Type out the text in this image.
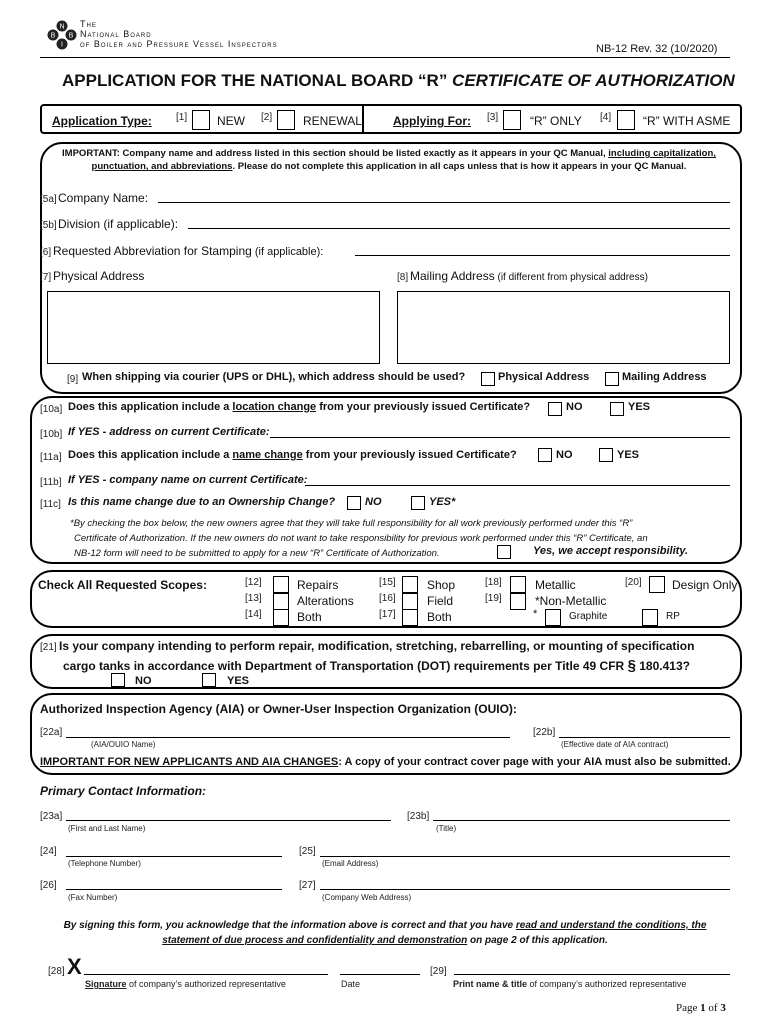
N
B B
I
The
National Board
of Boiler and Pressure Vessel Inspectors	NB-12 Rev. 32 (10/2020)
APPLICATION FOR THE NATIONAL BOARD “R” CERTIFICATE OF AUTHORIZATION
Application Type: [1] NEW [2]	RENEWAL	Applying For: [3]	“R” ONLY [4]	“R” WITH ASME
IMPORTANT: Company name and address listed in this section should be listed exactly as it appears in your QC Manual, including capitalization,
punctuation, and abbreviations. Please do not complete this application in all caps unless that is how it appears in your QC Manual.
[5a] Company Name:
[5b] Division (if applicable):
[6] Requested Abbreviation for Stamping (if applicable):
[7] Physical Address	[8] Mailing Address (if different from physical address)
[9] When shipping via courier (UPS or DHL), which address should be used?	Physical Address	Mailing Address
[10a] Does this application include a location change from your previously issued Certificate?	NO	YES
[10b] If YES - address on current Certificate:
[11a] Does this application include a name change from your previously issued Certificate?	NO	YES
[11b] If YES - company name on current Certificate:
[11c] Is this name change due to an Ownership Change?	NO	YES*
*By checking the box below, the new owners agree that they will take full responsibility for all work previously performed under this “R”
Certificate of Authorization. If the new owners do not want to take responsibility for previous work performed under this “R” Certificate, an
NB-12 form will need to be submitted to apply for a new “R” Certificate of Authorization.	Yes, we accept responsibility.
Check All Requested Scopes:	[12]	Repairs
[13]	Alterations
[14]	Both
[15]	Shop
[16]	Field
[17]	Both
[18]	Metallic
[19]	*Non-Metallic
*	Graphite	RP
[20]	Design Only
[21] Is your company intending to perform repair, modification, stretching, rebarrelling, or mounting of specification
cargo tanks in accordance with Department of Transportation (DOT) requirements per Title 49 CFR § 180.413?
NO	YES
Authorized Inspection Agency (AIA) or Owner-User Inspection Organization (OUIO):
[22a]
(AIA/OUIO Name)
[22b]
(Effective date of AIA contract)
IMPORTANT FOR NEW APPLICANTS AND AIA CHANGES: A copy of your contract cover page with your AIA must also be submitted.
Primary Contact Information:
[23a]
(First and Last Name)
[23b]
(Title)
[24]
(Telephone Number)
[25]
(Email Address)
[26]
(Fax Number)
[27]
(Company Web Address)
By signing this form, you acknowledge that the information above is correct and that you have read and understand the conditions, the
statement of due process and confidentiality and demonstration on page 2 of this application.
[28] X
Signature of company’s authorized representative	Date
[29]
Print name & title of company’s authorized representative
Page 1 of 3
